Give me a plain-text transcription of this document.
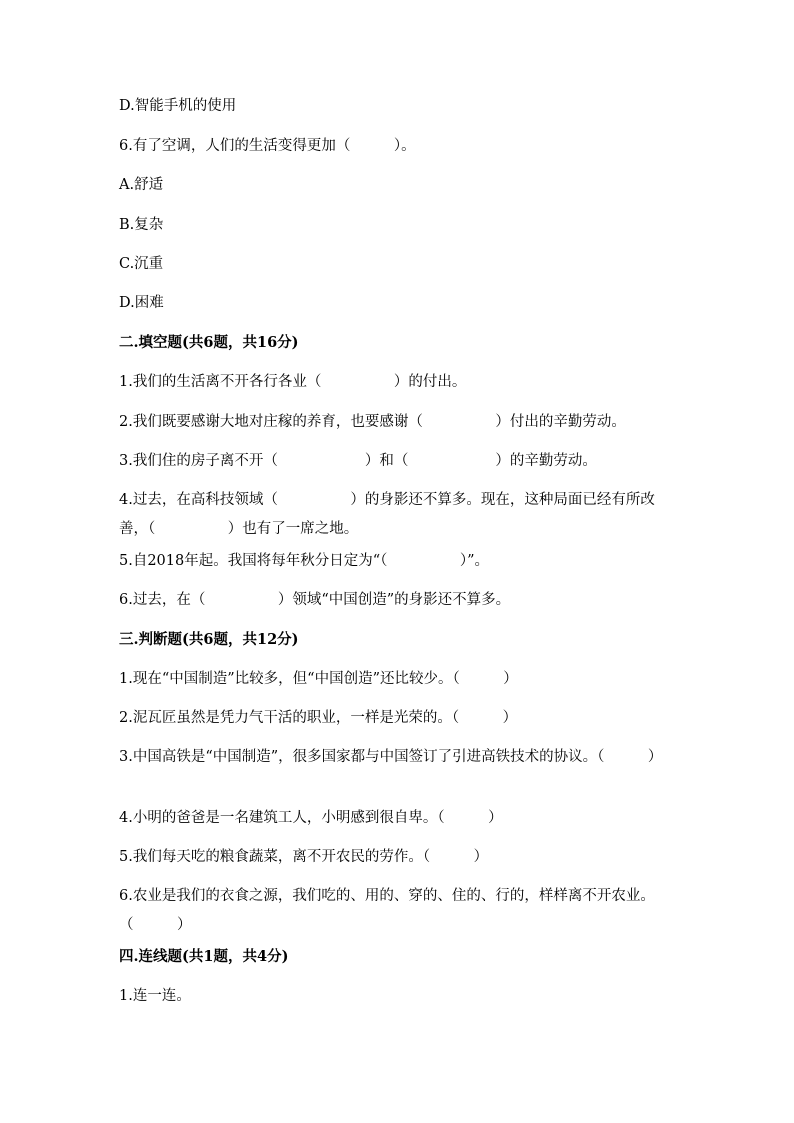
D.智能手机的使用
6.有了空调，人们的生活变得更加（　　　）。
A.舒适
B.复杂
C.沉重
D.困难
二.填空题(共6题，共16分)
1.我们的生活离不开各行各业（　　　　　）的付出。
2.我们既要感谢大地对庄稼的养育，也要感谢（　　　　　）付出的辛勤劳动。
3.我们住的房子离不开（　　　　　　）和（　　　　　　）的辛勤劳动。
4.过去，在高科技领域（　　　　　）的身影还不算多。现在，这种局面已经有所改善，（　　　　　）也有了一席之地。
5.自2018年起。我国将每年秋分日定为“（　　　　　）”。
6.过去，在（　　　　　）领域“中国创造”的身影还不算多。
三.判断题(共6题，共12分)
1.现在“中国制造”比较多，但“中国创造”还比较少。（　　　）
2.泥瓦匠虽然是凭力气干活的职业，一样是光荣的。（　　　）
3.中国高铁是“中国制造”，很多国家都与中国签订了引进高铁技术的协议。（　　　）
4.小明的爸爸是一名建筑工人，小明感到很自卑。（　　　）
5.我们每天吃的粮食蔬菜，离不开农民的劳作。（　　　）
6.农业是我们的衣食之源，我们吃的、用的、穿的、住的、行的，样样离不开农业。（　　　）
四.连线题(共1题，共4分)
1.连一连。
